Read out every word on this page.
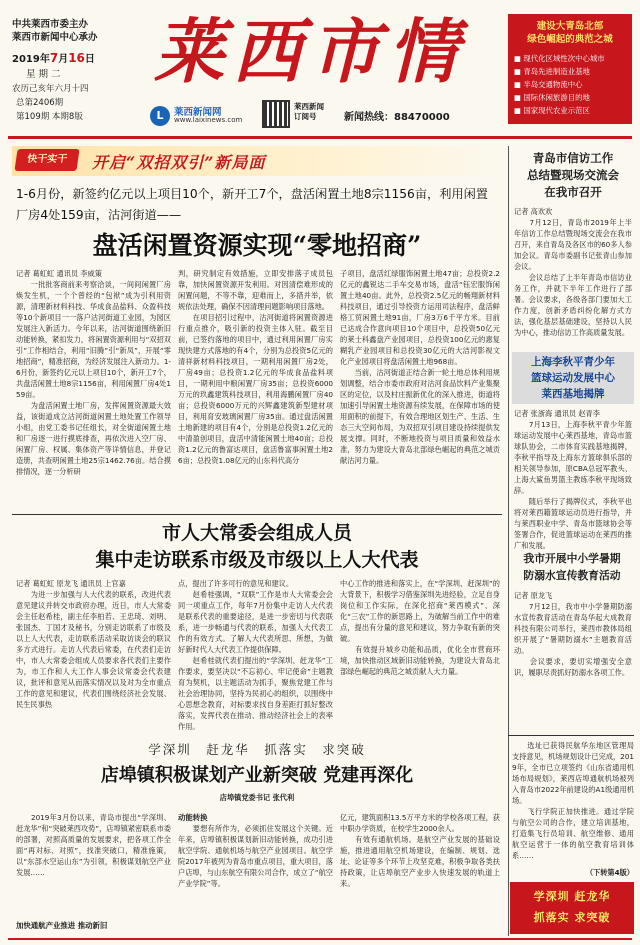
中共莱西市委主办
莱西市新闻中心承办
2019年7月16日
星 期 二
农历己亥年六月十四
总第2406期
第109期 本期8版
莱西市情
L	莱西新闻网
www.laixinews.com
莱西新闻
订阅号	新闻热线：88470000
建设大青岛北部
绿色崛起的典范之城
■ 现代化区域性次中心城市
■ 青岛先进制造业基地
■ 半岛交通物流中心
■ 国际休闲旅游目的地
■ 国家现代农业示范区
快干实干	开启“双招双引”新局面
1-6月份，新签约亿元以上项目10个，新开工7个，盘活闲置土地8宗1156亩，利用闲置厂房4处159亩，沽河街道——
盘活闲置资源实现“零地招商”
记者 葛虹虹 通讯员 李威策
　　一批批客商前来考察洽谈，一间间闲置厂房焕发生机，一个个曾经的“包袱”成为引利用资源，清理新材料科技、华成食品盐料、众盈科技等10个新项目一一落户沽河街道工业园，为园区发展注入新活力。今年以来，沽河街道围绕新旧动能转换，紧扣发力，将闲置资源利用与“双招双引”工作相结合，利用“旧腾”引“新凤”，开展“零地招商”，精准招商，为经济发展注入新动力。1-6月份，新签约亿元以上项目10个，新开工7个，共盘活闲置土地8宗1156亩，利用闲置厂房4处159亩。
　　为盘活闲置土地厂房，发挥闲置资源最大效益，该街道成立沽河街道闲置土地处置工作领导小组，由党工委书记任组长，对全街道闲置土地和厂房逐一进行摸底排查，再依次进入空厂房、闲置厂房、权属、集体资产等详情信息，并登记造册，共查明闲置土地25宗1462.76亩。结合摸排情况，逐一分析研
判，研究制定有效措施，立即安排落子成员包靠，加快闲置资源开发利用。对因清偿难形成的闲置问题，不等不靠，迎难而上，多措并举，依规依法处理，确保不因清理问题影响项目落地。
　　在项目招引过程中，沽河街道将闲置资源进行重点推介，吸引新的投资主体入驻。截至目前，已签约落地的项目中，通过利用闲置厂房实现快建方式落地的有4个，分别为总投资5亿元的清祥新材料科技项目，一期利用闲置厂房2处，厂房49亩；总投资1.2亿元的华成食品盐料项目，一期利用中粮闲置厂房35亩；总投资6000万元的玖鑫建筑科技项目，利用海鹏闲置厂房40亩；总投资6000万元的兴辉鑫建筑新型建材项目，利用育安玻璃闲置厂房35亩。通过盘活闲置土地新建的项目有4个，分别是总投资1.2亿元的中清盈创项目，盘活中清能闲置土地40亩；总投资1.2亿元的鲁富达项目，盘活鲁富事闲置土地26亩；总投资1.08亿元的山东科代高分
子项目，盘活红绿服饰闲置土地47亩；总投资2.2亿元的鑫锐达二手车交易市场，盘活“钰宏服饰闲置土地40亩。此外，总投资2.5亿元的畅翔新材料科技项目，通过引导投资方运用司法程序，盘活鲜格工贸闲置土地91亩，厂房3万6千平方米。目前已达成合作意向项目10个项目中，总投资50亿元的莱士科鑫盘产业园项目，总投资100亿元的惠复糊乳产业园项目和总投资30亿元的大洁河影视文化产业园项目将盘活闲置土地968亩。
　　当前，沽河街道正结合新一轮土地总体利用规划调整，结合市委市政府对沽河食品饮料产业集聚区的定位，以及村庄振新优化的深入推进，街道将加速引导闲置土地资源有续发展，在保障市场的使用面积的前提下，有效合理地区划生产、生活、生态三大空间布局，为双招双引项目建设持续提供发展支撑。同时，不断地投资与项目质量和效益水准，努力为建设大青岛北部绿色崛起的典范之城贡献沽河力量。
市人大常委会组成人员
集中走访联系市级及市级以上人大代表
记者 葛虹虹 原龙飞 通讯员 上官嘉
　　为进一步加强与人大代表的联系，改进代表意见建议并转交市政府办理，近日，市人大常委会主任赵希桂，副主任李柏若、王忠琦、刘明、张国杰、丁国才及秘书，分别走访联系了市级及以上人大代表，走访联系活动采取访谈会的联议多方式进行。走访人代表后常委，在代表们走访中，市人大常委会组成人员要求各代表们主要作为，市工作和人大工作人事会议常委会代表建议，批评和意见从而落实情况以及对为全市重点工作的意见和建议，代表们围绕经济社会发展、民生民事热
点，提出了许多可行的意见和建议。
　　赵希桂强调，“双联”工作是市人大常委会会同一项重点工作，每年7月份集中走访人大代表是联系代表的重要途径，是进一步密切与代表联系，进一步畅通与代表的联系，加强人大代表工作的有效方式。了解人大代表所思、所想，为做好新时代人大代表工作提供保障。
　　赵希桂就代表们提出的“学深圳、赶龙华”工作要求，要坚决以“不忘初心、牢记使命”主题教育为契机，以主题活动为抓手，聚焦党建工作与社会治理协同，坚持为民初心的组织，以围绕中心思想念教育，对标要求找自身差距打抓好整改落实，发挥代表在推动、推动经济社会上的表率作用。
中心工作的推进和落实上，在“学深圳、赶深圳”的大背景下，积极学习借鉴深圳先进经验，立足自身岗位和工作实际，在深化招商“莱西模式”、深化“三农”工作的新思路上，为破解当前工作中的难点，提出有分量的意见和建议，努力争取有新的突破。
　　有效提升城乡功能和品质，优化全市营商环境，加快推动区域新旧动能转换，为建设大青岛北部绿色崛起的典范之城贡献人大力量。
学深圳　赶龙华　抓落实　求突破
店埠镇积极谋划产业新突破 党建再深化
店埠镇党委书记 张代利
　　2019年3月份以来，青岛市提出“学深圳、赶龙华”和“突破莱西攻势”，店埠镇紧密联系市委的部署，对照高质量的发展要求，把各项工作全面“再对标、对照”，找准突破口，精准施策，以“东部水空运山东”为引领，积极谋划航空产业发展……
加快通航产业推进 推动新旧
动能转换
　　要想有所作为，必须抓住发展这个关键。近年来，店埠镇积极谋划新旧动能转换，成功引进航空学院、通航机场与航空产业园项目。航空学院2017年被列为青岛市重点项目，重大项目，落户店埠，与山东航空有限公司合作，成立了“航空产业学院”等。
亿元，建筑面积13.5万平方米的学校各项工程，获中职办学资质，在校学生2000余人。
　　有效有通航机场。是航空产业发展的基础设施，推进通用航空机场建设，在编制、规划、选址、论证等多个环节上攻坚克难，积极争取各类扶持政策，让店埠航空产业步入快速发展的轨道上来。
青岛市信访工作
总结暨现场交流会
在我市召开
记者 高欢欢
　　7月12日，青岛市2019年上半年信访工作总结暨现场交流会在我市召开，来自青岛及各区市的60多人参加会议。青岛市委副书记张青山参加会议。
　　会议总结了上半年青岛市信访业务工作，并就下半年工作进行了部署。会议要求，各级各部门要加大工作力度，创新矛盾纠纷化解方式方法，强化基层基础建设，坚持以人民为中心，推动信访工作高质量发展。
上海李秋平青少年
篮球运动发展中心
莱西基地揭牌
记者 张浙海 通讯员 赵青李
　　7月13日，上海李秋平青少年篮球运动发展中心莱西基地，青岛市篮球队协会，二市体育实践基地揭牌，李秋平指导及上海东方篮球俱乐部的相关领导参加，原CBA总冠军教头、上海大鲨鱼男篮主教练李秋平现场致辞。
　　随后举行了揭牌仪式，李秋平也将对莱西籍篮球运动员进行指导，并与莱西职业中学、青岛市篮球协会等签署合作，促进篮球运动在莱西的推广和发展。
我市开展中小学暑期
防溺水宣传教育活动
记者 原龙飞
　　7月12日，我市中小学暑期防溺水宣传教育活动在青岛华起大成教育科技有限公司举行，莱西市教体局组织开展了“暑期防溺水”主题教育活动。
　　会议要求，要切实增强安全意识，履职尽责抓好防溺水各项工作。
　　选址已获得民航华东地区管理局支持意见，机场规划设计已完成，2019年，全市已立项签约《山东省通用机场布局规划》，莱西店埠通航机场被列入青岛市2022年前建设的A1级通用机场。
　　飞行学院正加快推进。通过学院与航空公司的合作，建立培训基地，打造集飞行员培训、航空维修、通用航空运营于一体的航空教育培训体系……
（下转第4版）
学深圳 赶龙华
抓落实 求突破
